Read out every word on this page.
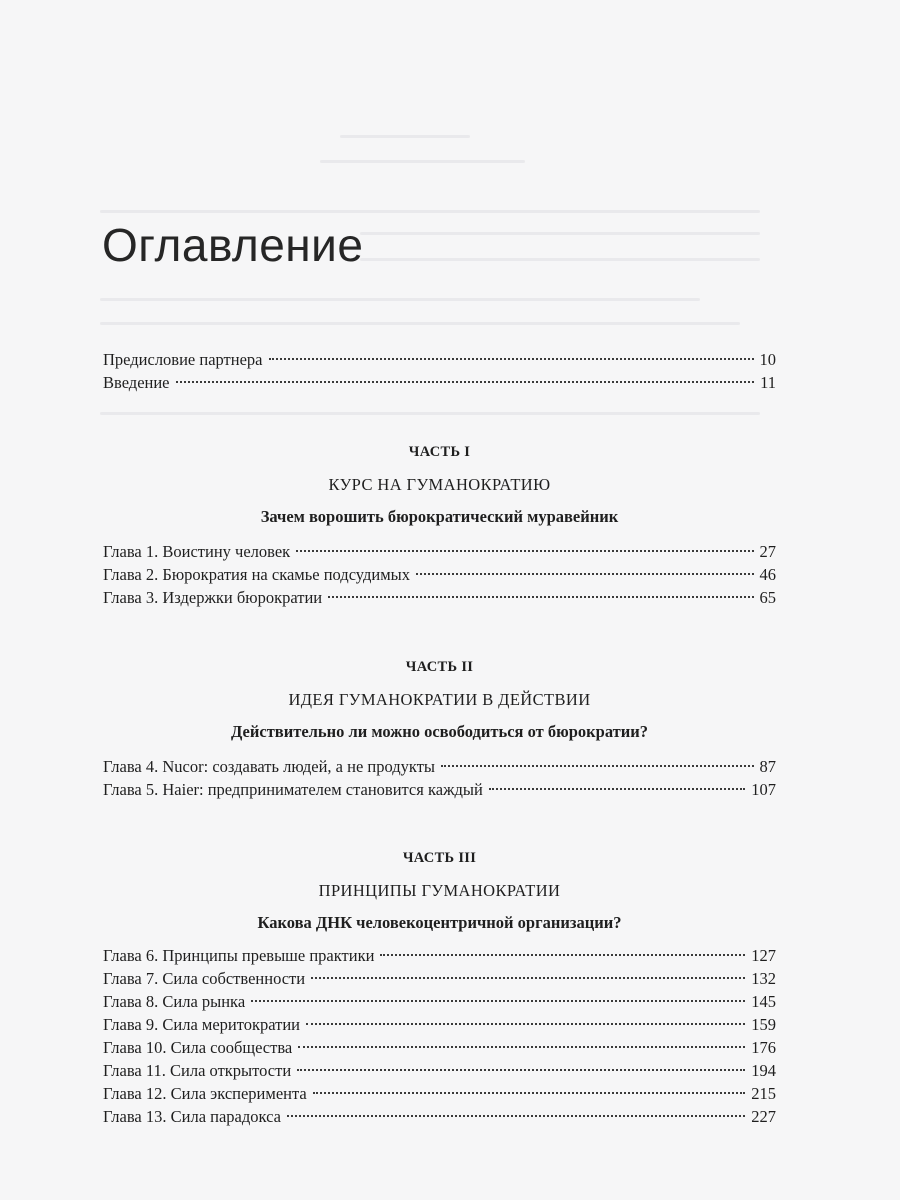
Оглавление
Предисловие партнера	10
Введение	11
ЧАСТЬ I
КУРС НА ГУМАНОКРАТИЮ
Зачем ворошить бюрократический муравейник
Глава 1. Воистину человек	27
Глава 2. Бюрократия на скамье подсудимых	46
Глава 3. Издержки бюрократии	65
ЧАСТЬ II
ИДЕЯ ГУМАНОКРАТИИ В ДЕЙСТВИИ
Действительно ли можно освободиться от бюрократии?
Глава 4. Nucor: создавать людей, а не продукты	87
Глава 5. Haier: предпринимателем становится каждый	107
ЧАСТЬ III
ПРИНЦИПЫ ГУМАНОКРАТИИ
Какова ДНК человекоцентричной организации?
Глава 6. Принципы превыше практики	127
Глава 7. Сила собственности	132
Глава 8. Сила рынка	145
Глава 9. Сила меритократии	159
Глава 10. Сила сообщества	176
Глава 11. Сила открытости	194
Глава 12. Сила эксперимента	215
Глава 13. Сила парадокса	227
